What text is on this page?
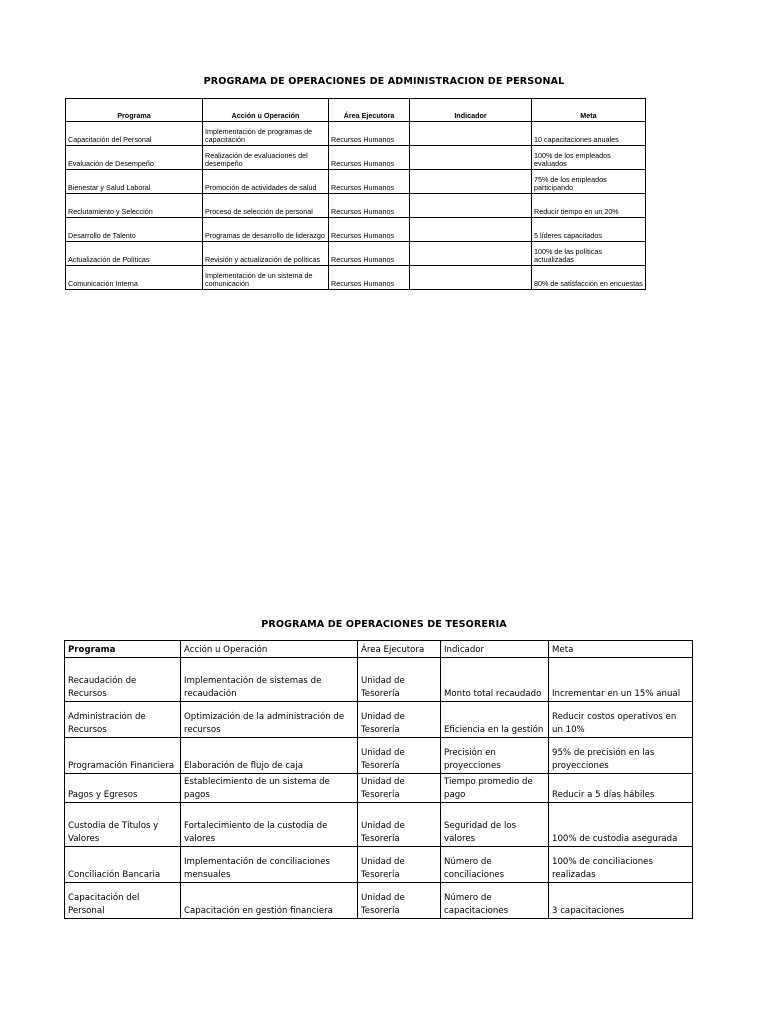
PROGRAMA DE OPERACIONES DE ADMINISTRACION DE PERSONAL
Programa	Acción u Operación	Área Ejecutora	Indicador	Meta
Capacitación del Personal	Implementación de programas de capacitación	Recursos Humanos		10 capacitaciones anuales
Evaluación de Desempeño	Realización de evaluaciones del desempeño	Recursos Humanos		100% de los empleados evaluados
Bienestar y Salud Laboral	Promoción de actividades de salud	Recursos Humanos		75% de los empleados participando
Reclutamiento y Selección	Proceso de selección de personal	Recursos Humanos		Reducir tiempo en un 20%
Desarrollo de Talento	Programas de desarrollo de liderazgo	Recursos Humanos		5 líderes capacitados
Actualización de Políticas	Revisión y actualización de políticas	Recursos Humanos		100% de las políticas actualizadas
Comunicación Interna	Implementación de un sistema de comunicación	Recursos Humanos		80% de satisfacción en encuestas
PROGRAMA DE OPERACIONES DE TESORERIA
Programa	Acción u Operación	Área Ejecutora	Indicador	Meta
Recaudación de Recursos	Implementación de sistemas de recaudación	Unidad de Tesorería	Monto total recaudado	Incrementar en un 15% anual
Administración de Recursos	Optimización de la administración de recursos	Unidad de Tesorería	Eficiencia en la gestión	Reducir costos operativos en un 10%
Programación Financiera	Elaboración de flujo de caja	Unidad de Tesorería	Precisión en proyecciones	95% de precisión en las proyecciones
Pagos y Egresos	Establecimiento de un sistema de pagos	Unidad de Tesorería	Tiempo promedio de pago	Reducir a 5 días hábiles
Custodia de Títulos y Valores	Fortalecimiento de la custodia de valores	Unidad de Tesorería	Seguridad de los valores	100% de custodia asegurada
Conciliación Bancaria	Implementación de conciliaciones mensuales	Unidad de Tesorería	Número de conciliaciones	100% de conciliaciones realizadas
Capacitación del Personal	Capacitación en gestión financiera	Unidad de Tesorería	Número de capacitaciones	3 capacitaciones
